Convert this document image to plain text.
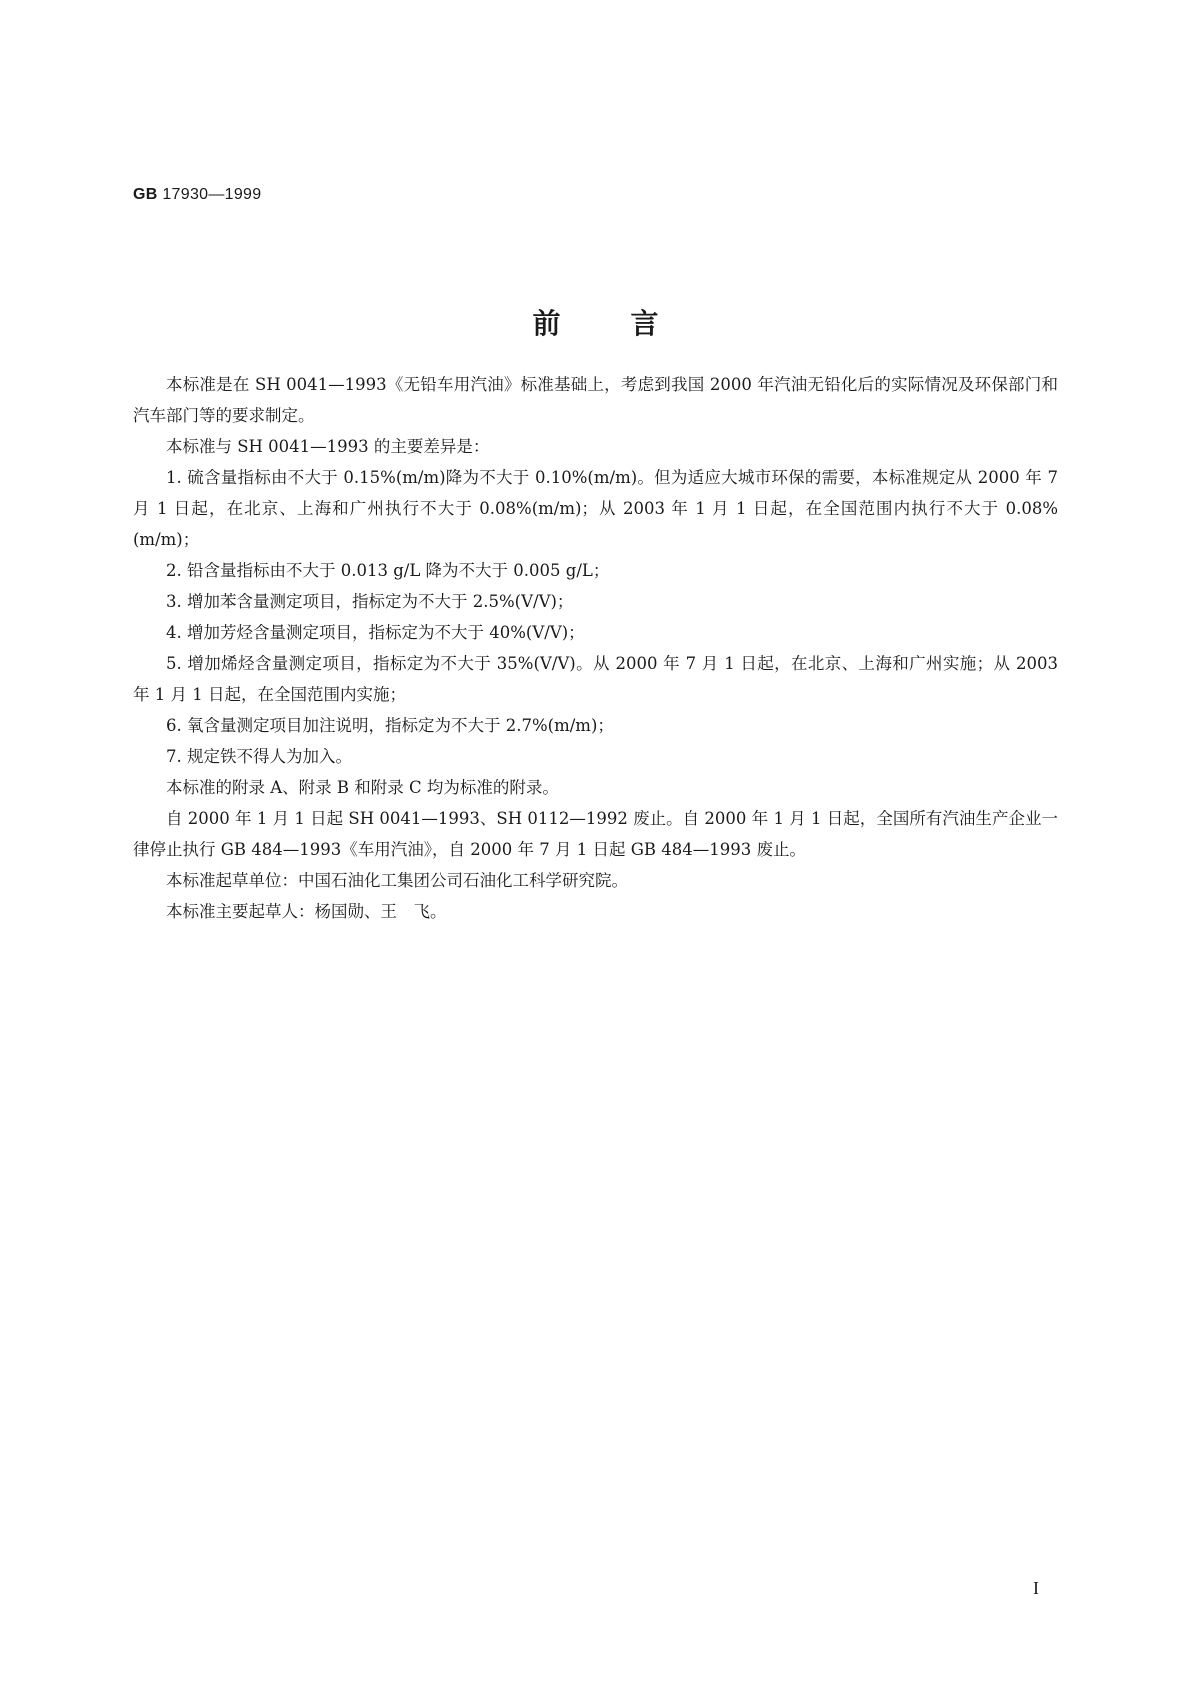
GB 17930—1999
前言

本标准是在 SH 0041—1993《无铅车用汽油》标准基础上，考虑到我国 2000 年汽油无铅化后的实际情况及环保部门和汽车部门等的要求制定。

本标准与 SH 0041—1993 的主要差异是：

1. 硫含量指标由不大于 0.15%(m/m)降为不大于 0.10%(m/m)。但为适应大城市环保的需要，本标准规定从 2000 年 7 月 1 日起，在北京、上海和广州执行不大于 0.08%(m/m)；从 2003 年 1 月 1 日起，在全国范围内执行不大于 0.08%(m/m)；

2. 铅含量指标由不大于 0.013 g/L 降为不大于 0.005 g/L；

3. 增加苯含量测定项目，指标定为不大于 2.5%(V/V)；

4. 增加芳烃含量测定项目，指标定为不大于 40%(V/V)；

5. 增加烯烃含量测定项目，指标定为不大于 35%(V/V)。从 2000 年 7 月 1 日起，在北京、上海和广州实施；从 2003 年 1 月 1 日起，在全国范围内实施；

6. 氧含量测定项目加注说明，指标定为不大于 2.7%(m/m)；

7. 规定铁不得人为加入。

本标准的附录 A、附录 B 和附录 C 均为标准的附录。

自 2000 年 1 月 1 日起 SH 0041—1993、SH 0112—1992 废止。自 2000 年 1 月 1 日起，全国所有汽油生产企业一律停止执行 GB 484—1993《车用汽油》，自 2000 年 7 月 1 日起 GB 484—1993 废止。

本标准起草单位：中国石油化工集团公司石油化工科学研究院。

本标准主要起草人：杨国勋、王　飞。

I
